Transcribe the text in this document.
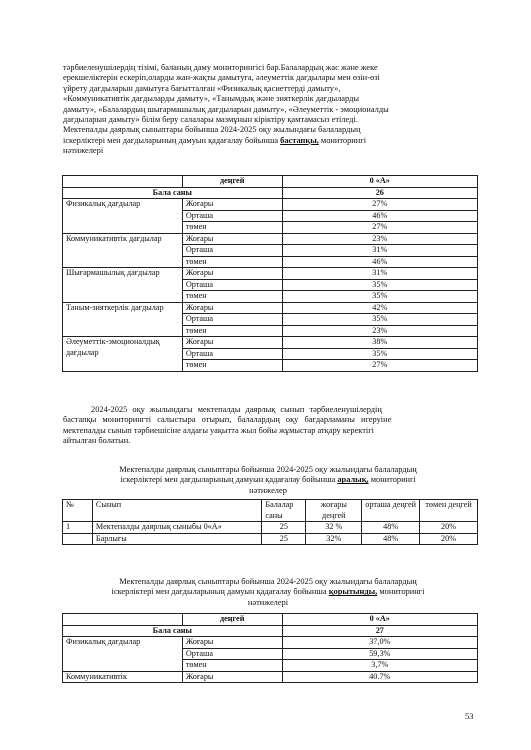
тәрбиеленушілердің тізімі, баланың даму мониторингісі бар.Балалардың жас және жеке
ерекшеліктерін ескеріп,оларды жан-жақты дамытуға, әлеуметтік дағдылары мен өзін-өзі
үйрету дағдыларын дамытуға бағытталған «Физикалық қасиеттерді дамыту»,
«Коммуникативтік дағдыларды дамыту», «Танымдық және зияткерлік дағдыларды
дамыту», «Балалардың шығармашылық дағдыларын дамыту», «Әлеуметтік - эмоционалды
дағдыларын дамыту» білім беру салалары мазмұнын кіріктіру қамтамасыз етіледі.
Мектепалды даярлық сыныптары бойынша 2024-2025 оқу жылындағы балалардың
іскерліктері мен дағдыларының дамуын қадағалау бойынша бастапқы, мониторингі
нәтижелері
	деңгей	0 «А»
Бала саны		26
Физикалық дағдылар	Жоғары	27%
	Орташа	46%
	төмен	27%
Коммуникативтік дағдылар	Жоғары	23%
	Орташа	31%
	төмен	46%
Шығармашылық дағдылар	Жоғары	31%
	Орташа	35%
	төмен	35%
Таным-зияткерлік дағдылар	Жоғары	42%
	Орташа	35%
	төмен	23%
Әлеуметтік-эмоционалдық дағдылар	Жоғары	38%
	Орташа	35%
	төмен	27%
2024-2025 оқу жылындағы мектепалды даярлық сынып тәрбиеленушілердің
бастапқы мониторингті салыстыра отырып, балалардың оқу бағдарламаны игеруіне
мектепалды сынып тәрбиешісіне алдағы уақытта жыл бойы жұмыстар атқару керектігі
айтылған болатын.
Мектепалды даярлық сыныптары бойынша 2024-2025 оқу жылындағы балалардың
іскерліктері мен дағдыларының дамуын қадағалау бойынша аралық, мониторингі
нәтижелер
№	Сынып	Балалар саны	жоғары деңгей	орташа деңгей	төмен деңгей
1	Мектепалды даярлық сыныбы 0«А»	25	32 %	48%	20%
	Барлығы	25	32%	48%	20%
Мектепалды даярлық сыныптары бойынша 2024-2025 оқу жылындағы балалардың
іскерліктері мен дағдыларының дамуын қадағалау бойынша қорытынды, мониторингі
нәтижелері
	деңгей	0 «А»
Бала саны		27
Физикалық дағдылар	Жоғары	37,0%
	Орташа	59,3%
	төмен	3,7%
Коммуникативтік	Жоғары	40.7%
53
